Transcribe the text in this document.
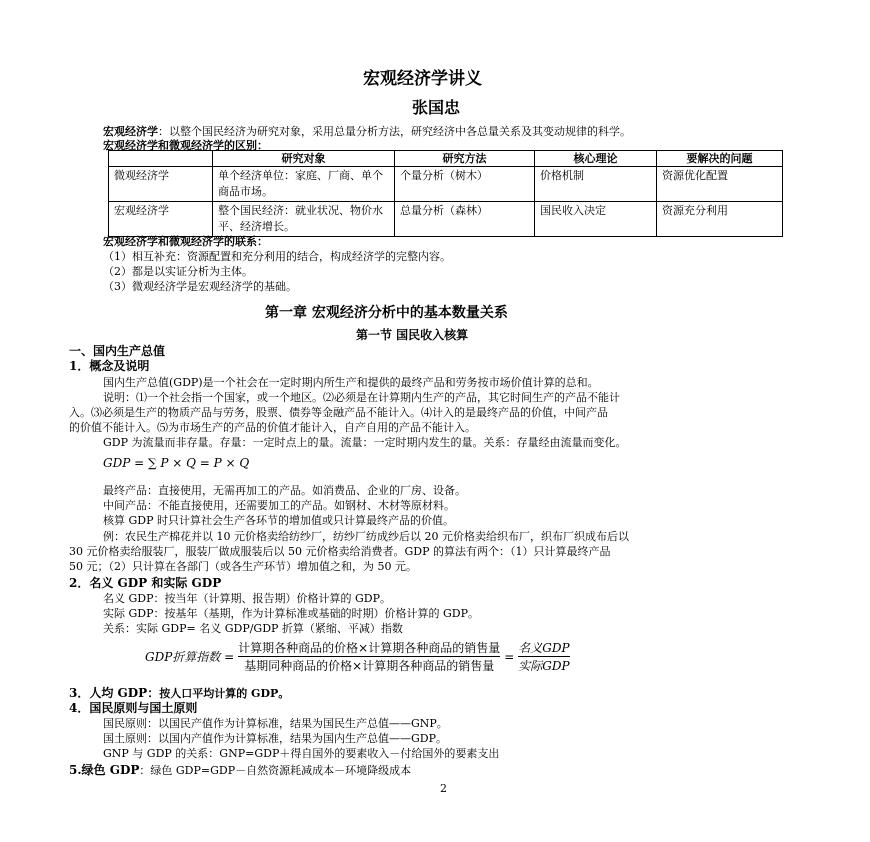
宏观经济学讲义
张国忠
宏观经济学：以整个国民经济为研究对象，采用总量分析方法，研究经济中各总量关系及其变动规律的科学。
宏观经济学和微观经济学的区别：
	研究对象	研究方法	核心理论	要解决的问题
微观经济学	单个经济单位：家庭、厂商、单个商品市场。	个量分析（树木）	价格机制	资源优化配置
宏观经济学	整个国民经济：就业状况、物价水平、经济增长。	总量分析（森林）	国民收入决定	资源充分利用
宏观经济学和微观经济学的联系：
（1）相互补充：资源配置和充分利用的结合，构成经济学的完整内容。
（2）都是以实证分析为主体。
（3）微观经济学是宏观经济学的基础。
第一章 宏观经济分析中的基本数量关系
第一节 国民收入核算
一、国内生产总值
1．概念及说明
国内生产总值(GDP)是一个社会在一定时期内所生产和提供的最终产品和劳务按市场价值计算的总和。
说明：⑴一个社会指一个国家，或一个地区。⑵必须是在计算期内生产的产品，其它时间生产的产品不能计
入。⑶必须是生产的物质产品与劳务，股票、债券等金融产品不能计入。⑷计入的是最终产品的价值，中间产品
的价值不能计入。⑸为市场生产的产品的价值才能计入，自产自用的产品不能计入。
GDP 为流量而非存量。存量：一定时点上的量。流量：一定时期内发生的量。关系：存量经由流量而变化。
GDP = ∑ P × Q = P × Q
最终产品：直接使用，无需再加工的产品。如消费品、企业的厂房、设备。
中间产品：不能直接使用，还需要加工的产品。如钢材、木材等原材料。
核算 GDP 时只计算社会生产各环节的增加值或只计算最终产品的价值。
例：农民生产棉花并以 10 元价格卖给纺纱厂，纺纱厂纺成纱后以 20 元价格卖给织布厂，织布厂织成布后以
30 元价格卖给服装厂，服装厂做成服装后以 50 元价格卖给消费者。GDP 的算法有两个：（1）只计算最终产品
50 元；（2）只计算在各部门（或各生产环节）增加值之和，为 50 元。
2．名义 GDP 和实际 GDP
名义 GDP：按当年（计算期、报告期）价格计算的 GDP。
实际 GDP：按基年（基期，作为计算标准或基础的时期）价格计算的 GDP。
关系：实际 GDP= 名义 GDP/GDP 折算（紧缩、平减）指数
GDP折算指数 = $\frac{\text{计算期各种商品的价格×计算期各种商品的销售量}}{\text{基期同种商品的价格×计算期各种商品的销售量}} = \frac{\text{名义GDP}}{\text{实际GDP}}$
3．人均 GDP：按人口平均计算的 GDP。
4．国民原则与国土原则
国民原则：以国民产值作为计算标准，结果为国民生产总值——GNP。
国土原则：以国内产值作为计算标准，结果为国内生产总值——GDP。
GNP 与 GDP 的关系：GNP=GDP＋得自国外的要素收入－付给国外的要素支出
5.绿色 GDP：绿色 GDP=GDP－自然资源耗减成本－环境降级成本
2
